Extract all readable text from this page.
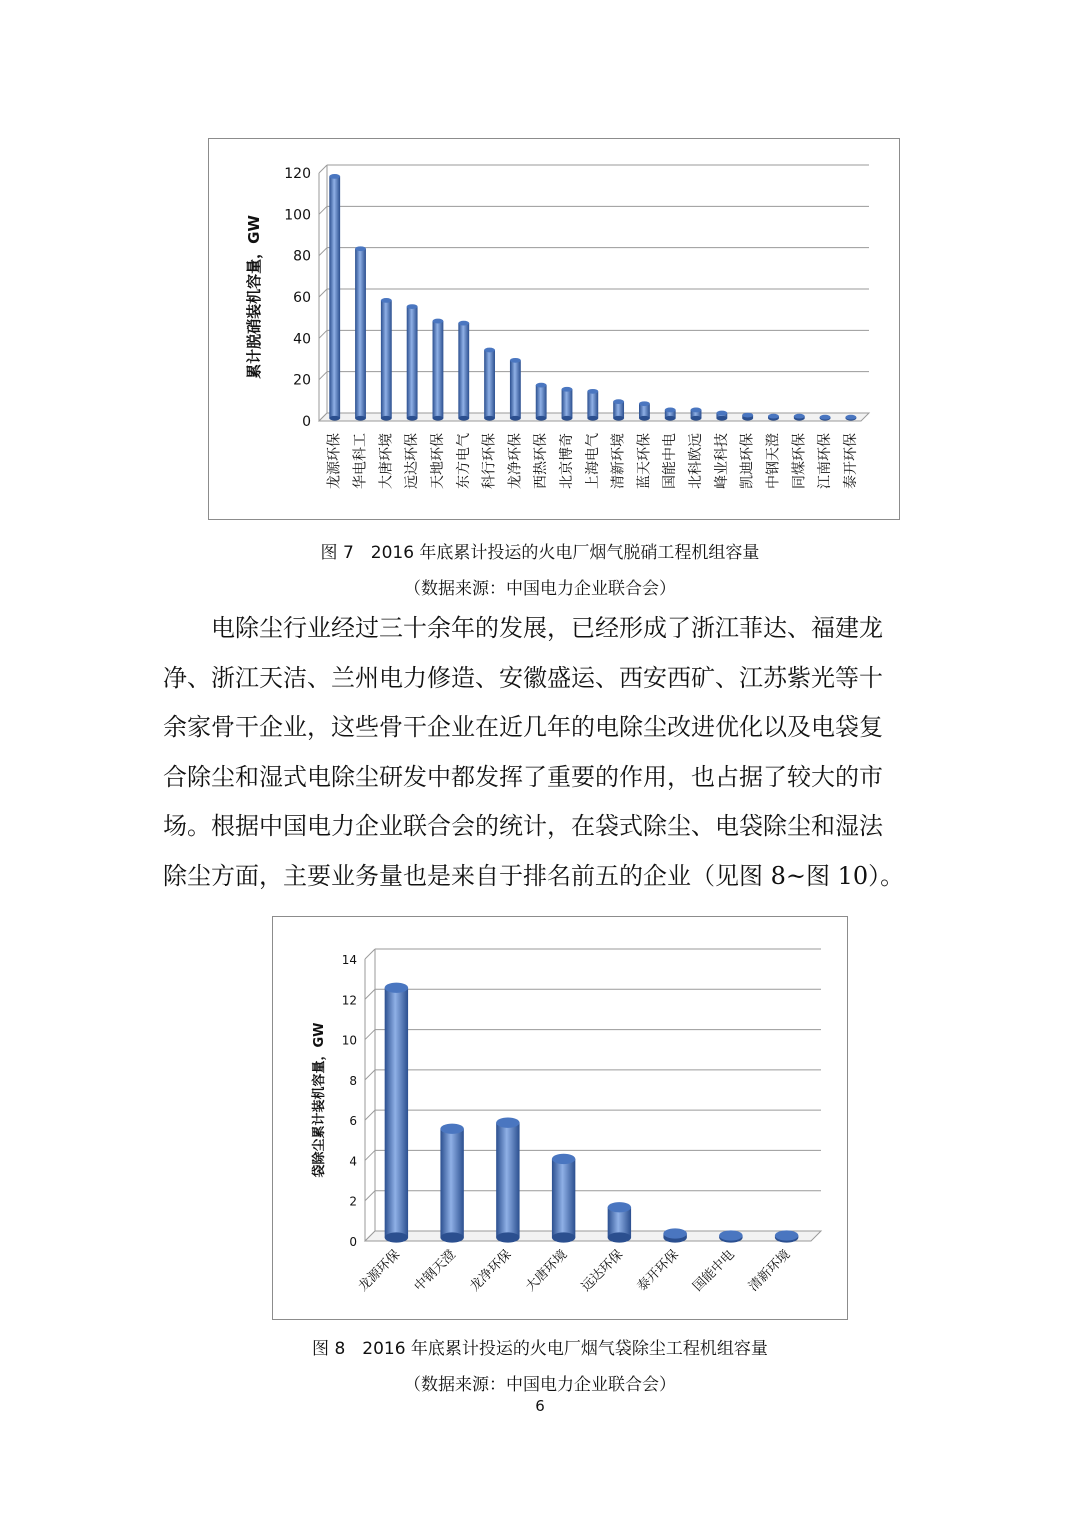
0
20
40
60
80
100
120
累计脱硝装机容量，GW
龙源环保 华电科工 大唐环境 远达环保 天地环保 东方电气 科行环保 龙净环保 西热环保 北京博奇 上海电气 清新环境 蓝天环保 国能中电 北科欧远 峰业科技 凯迪环保 中钢天澄 同煤环保 江南环保 泰开环保
图 7　2016 年底累计投运的火电厂烟气脱硝工程机组容量
（数据来源：中国电力企业联合会）
　　电除尘行业经过三十余年的发展，已经形成了浙江菲达、福建龙
净、浙江天洁、兰州电力修造、安徽盛运、西安西矿、江苏紫光等十
余家骨干企业，这些骨干企业在近几年的电除尘改进优化以及电袋复
合除尘和湿式电除尘研发中都发挥了重要的作用，也占据了较大的市
场。根据中国电力企业联合会的统计，在袋式除尘、电袋除尘和湿法
除尘方面，主要业务量也是来自于排名前五的企业（见图 8~图 10）。
0
2
4
6
8
10
12
14
袋除尘累计装机容量，GW
龙源环保 中钢天澄 龙净环保 大唐环境 远达环保 泰开环保 国能中电 清新环境
图 8　2016 年底累计投运的火电厂烟气袋除尘工程机组容量
（数据来源：中国电力企业联合会）
6
